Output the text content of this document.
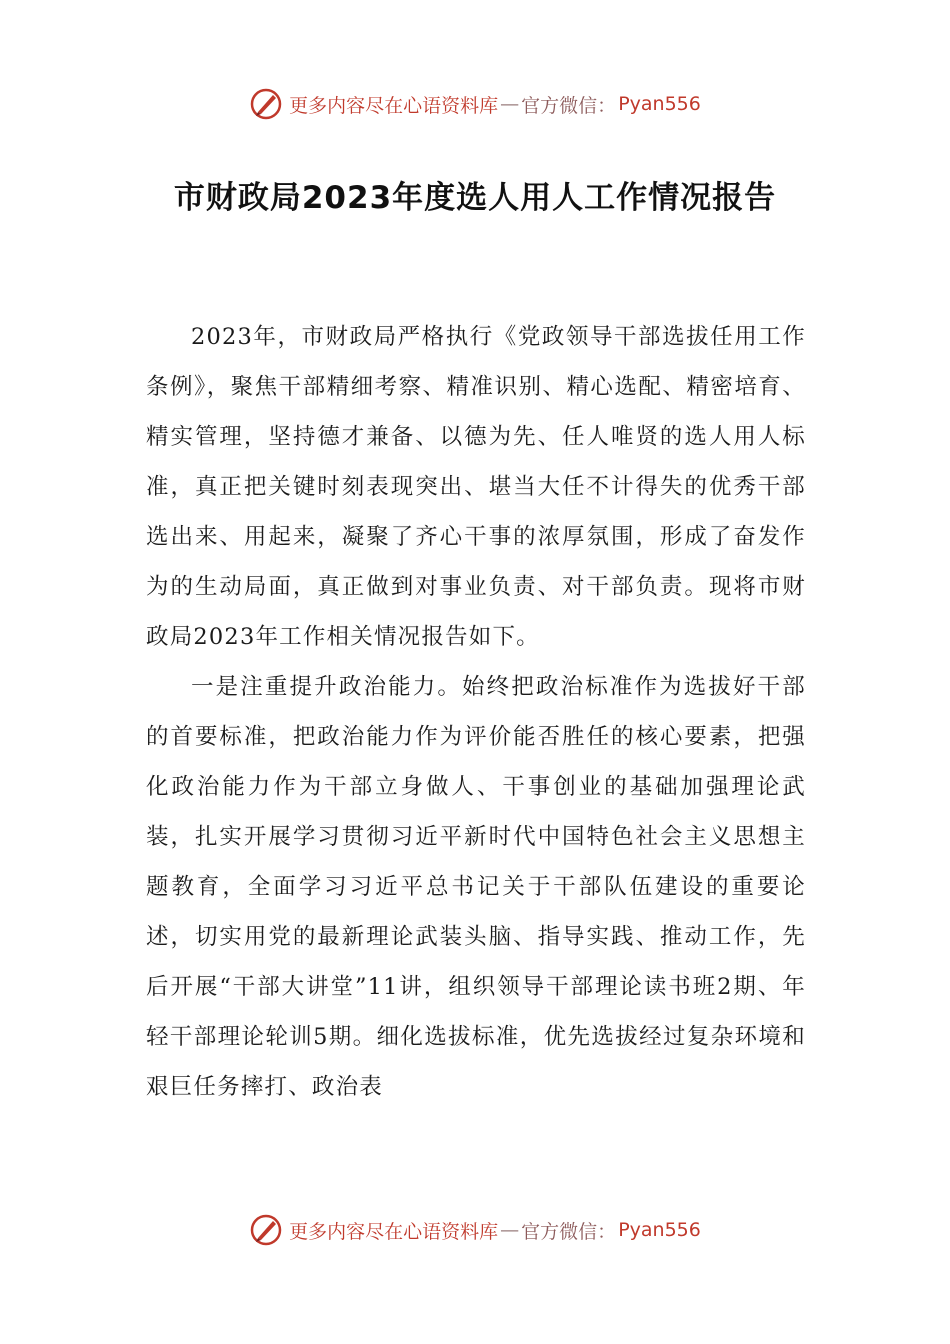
更多内容尽在心语资料库 — 官方微信： Pyan556
市财政局2023年度选人用人工作情况报告

2023年，市财政局严格执行《党政领导干部选拔任用工作条例》，聚焦干部精细考察、精准识别、精心选配、精密培育、精实管理，坚持德才兼备、以德为先、任人唯贤的选人用人标准，真正把关键时刻表现突出、堪当大任不计得失的优秀干部选出来、用起来，凝聚了齐心干事的浓厚氛围，形成了奋发作为的生动局面，真正做到对事业负责、对干部负责。现将市财政局2023年工作相关情况报告如下。

一是注重提升政治能力。始终把政治标准作为选拔好干部的首要标准，把政治能力作为评价能否胜任的核心要素，把强化政治能力作为干部立身做人、干事创业的基础加强理论武装，扎实开展学习贯彻习近平新时代中国特色社会主义思想主题教育，全面学习习近平总书记关于干部队伍建设的重要论述，切实用党的最新理论武装头脑、指导实践、推动工作，先后开展“干部大讲堂”11讲，组织领导干部理论读书班2期、年轻干部理论轮训5期。细化选拔标准，优先选拔经过复杂环境和艰巨任务摔打、政治表

更多内容尽在心语资料库 — 官方微信： Pyan556
